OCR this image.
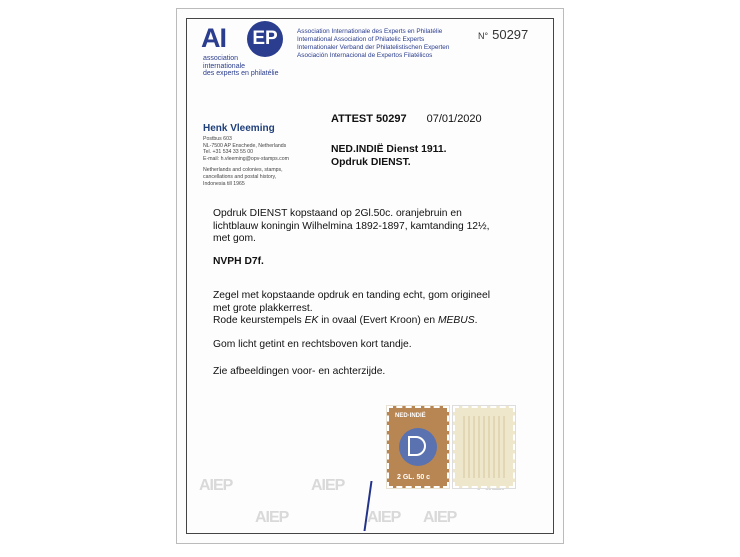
AI EP
association
internationale
des experts en philatélie
Association Internationale des Experts en Philatélie
International Association of Philatelic Experts
Internationaler Verband der Philatelistischen Experten
Asociación Internacional de Expertos Filatélicos
N° 50297
Henk Vleeming
Postbus 603
NL-7500 AP Enschede, Netherlands
Tel. +31 534 33 55 00
E-mail: h.vleeming@opv-stamps.com
Netherlands and colonies, stamps,
cancellations and postal history,
Indonesia till 1965
ATTEST 50297 07/01/2020
NED.INDIË Dienst 1911.
Opdruk DIENST.
Opdruk DIENST kopstaand op 2Gl.50c. oranjebruin en
lichtblauw koningin Wilhelmina 1892-1897, kamtanding 12½,
met gom.
NVPH D7f.
Zegel met kopstaande opdruk en tanding echt, gom origineel
met grote plakkerrest.
Rode keurstempels EK in ovaal (Evert Kroon) en MEBUS.
Gom licht getint en rechtsboven kort tandje.
Zie afbeeldingen voor- en achterzijde.
AIEP
AIEP
AIEP
AIEP
AIEP
NED·INDIË
2 GL. 50 c
